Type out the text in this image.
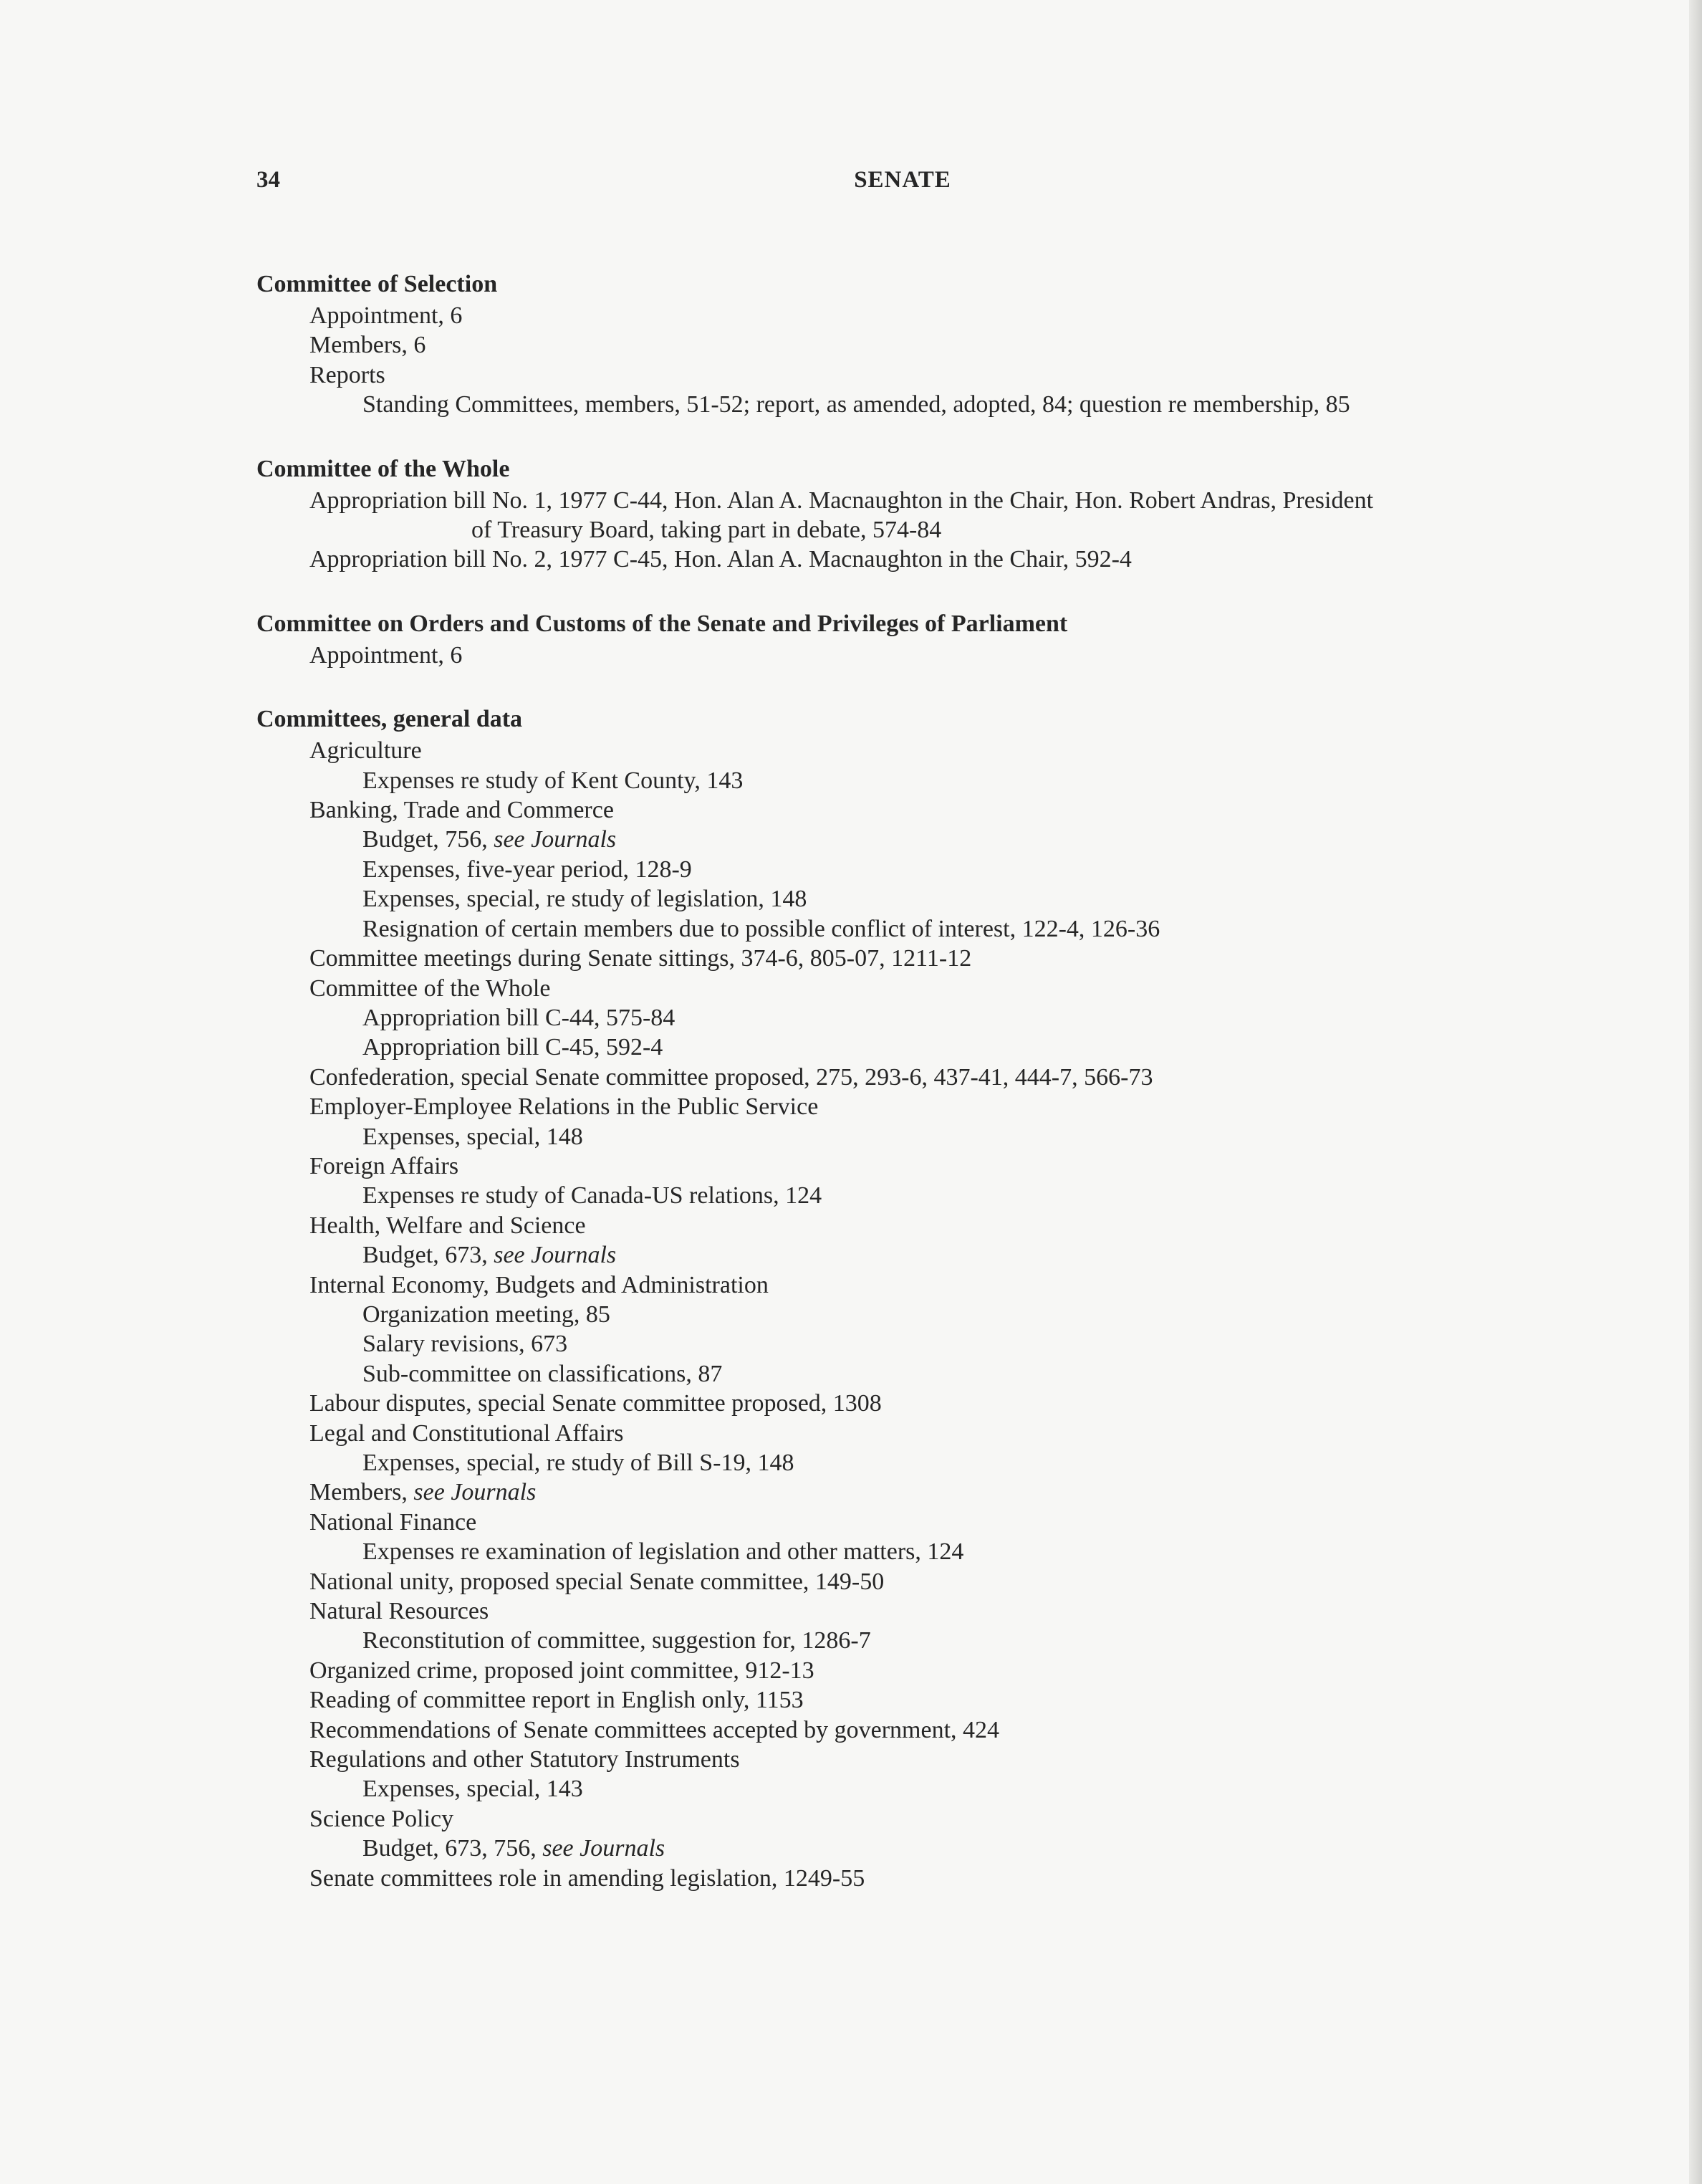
34	SENATE
Committee of Selection
Appointment, 6
Members, 6
Reports
Standing Committees, members, 51-52; report, as amended, adopted, 84; question re membership, 85
Committee of the Whole
Appropriation bill No. 1, 1977 C-44, Hon. Alan A. Macnaughton in the Chair, Hon. Robert Andras, President
of Treasury Board, taking part in debate, 574-84
Appropriation bill No. 2, 1977 C-45, Hon. Alan A. Macnaughton in the Chair, 592-4
Committee on Orders and Customs of the Senate and Privileges of Parliament
Appointment, 6
Committees, general data
Agriculture
Expenses re study of Kent County, 143
Banking, Trade and Commerce
Budget, 756, see Journals
Expenses, five-year period, 128-9
Expenses, special, re study of legislation, 148
Resignation of certain members due to possible conflict of interest, 122-4, 126-36
Committee meetings during Senate sittings, 374-6, 805-07, 1211-12
Committee of the Whole
Appropriation bill C-44, 575-84
Appropriation bill C-45, 592-4
Confederation, special Senate committee proposed, 275, 293-6, 437-41, 444-7, 566-73
Employer-Employee Relations in the Public Service
Expenses, special, 148
Foreign Affairs
Expenses re study of Canada-US relations, 124
Health, Welfare and Science
Budget, 673, see Journals
Internal Economy, Budgets and Administration
Organization meeting, 85
Salary revisions, 673
Sub-committee on classifications, 87
Labour disputes, special Senate committee proposed, 1308
Legal and Constitutional Affairs
Expenses, special, re study of Bill S-19, 148
Members, see Journals
National Finance
Expenses re examination of legislation and other matters, 124
National unity, proposed special Senate committee, 149-50
Natural Resources
Reconstitution of committee, suggestion for, 1286-7
Organized crime, proposed joint committee, 912-13
Reading of committee report in English only, 1153
Recommendations of Senate committees accepted by government, 424
Regulations and other Statutory Instruments
Expenses, special, 143
Science Policy
Budget, 673, 756, see Journals
Senate committees role in amending legislation, 1249-55
